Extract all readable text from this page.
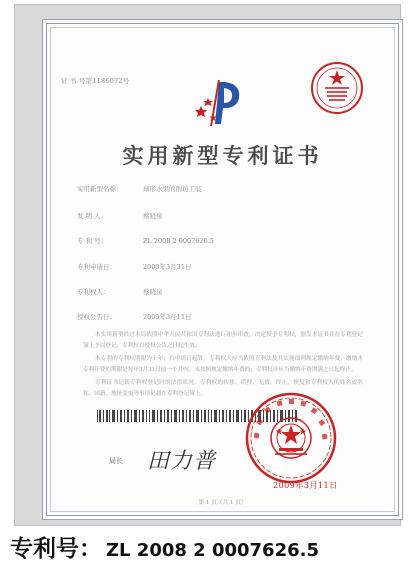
证 书 号第1186072号
实用新型专利证书
实用新型名称：	球形水果的削切工装
发 明 人：	蔡晓泉
专 利 号：	ZL 2008 2 0007626.5
专利申请日：	2008年3月31日
专利权人：	蔡晓泉
授权公告日：	2009年3月11日

本实用新型经过本局依照中华人民共和国专利法进行初步审查，决定授予专利权，颁发本证书并在专利登记簿上予以登记。专利权自授权公告之日起生效。

本专利的专利权期限为十年，自申请日起算。专利权人应当依照专利法及其实施细则规定缴纳年费。缴纳本专利年费的期限是每年3月31日前一个月内。未按照规定缴纳年费的，专利权自应当缴纳年费期满之日起终止。

专利证书记载专利权登记时的法律状况。专利权的转移、质押、无效、终止、恢复和专利权人的姓名或名称、国籍、地址变更等事项记载在专利登记簿上。

局长 田力普
2009年3月11日
第 1 页（共 1 页）
专利号： ZL 2008 2 0007626.5
